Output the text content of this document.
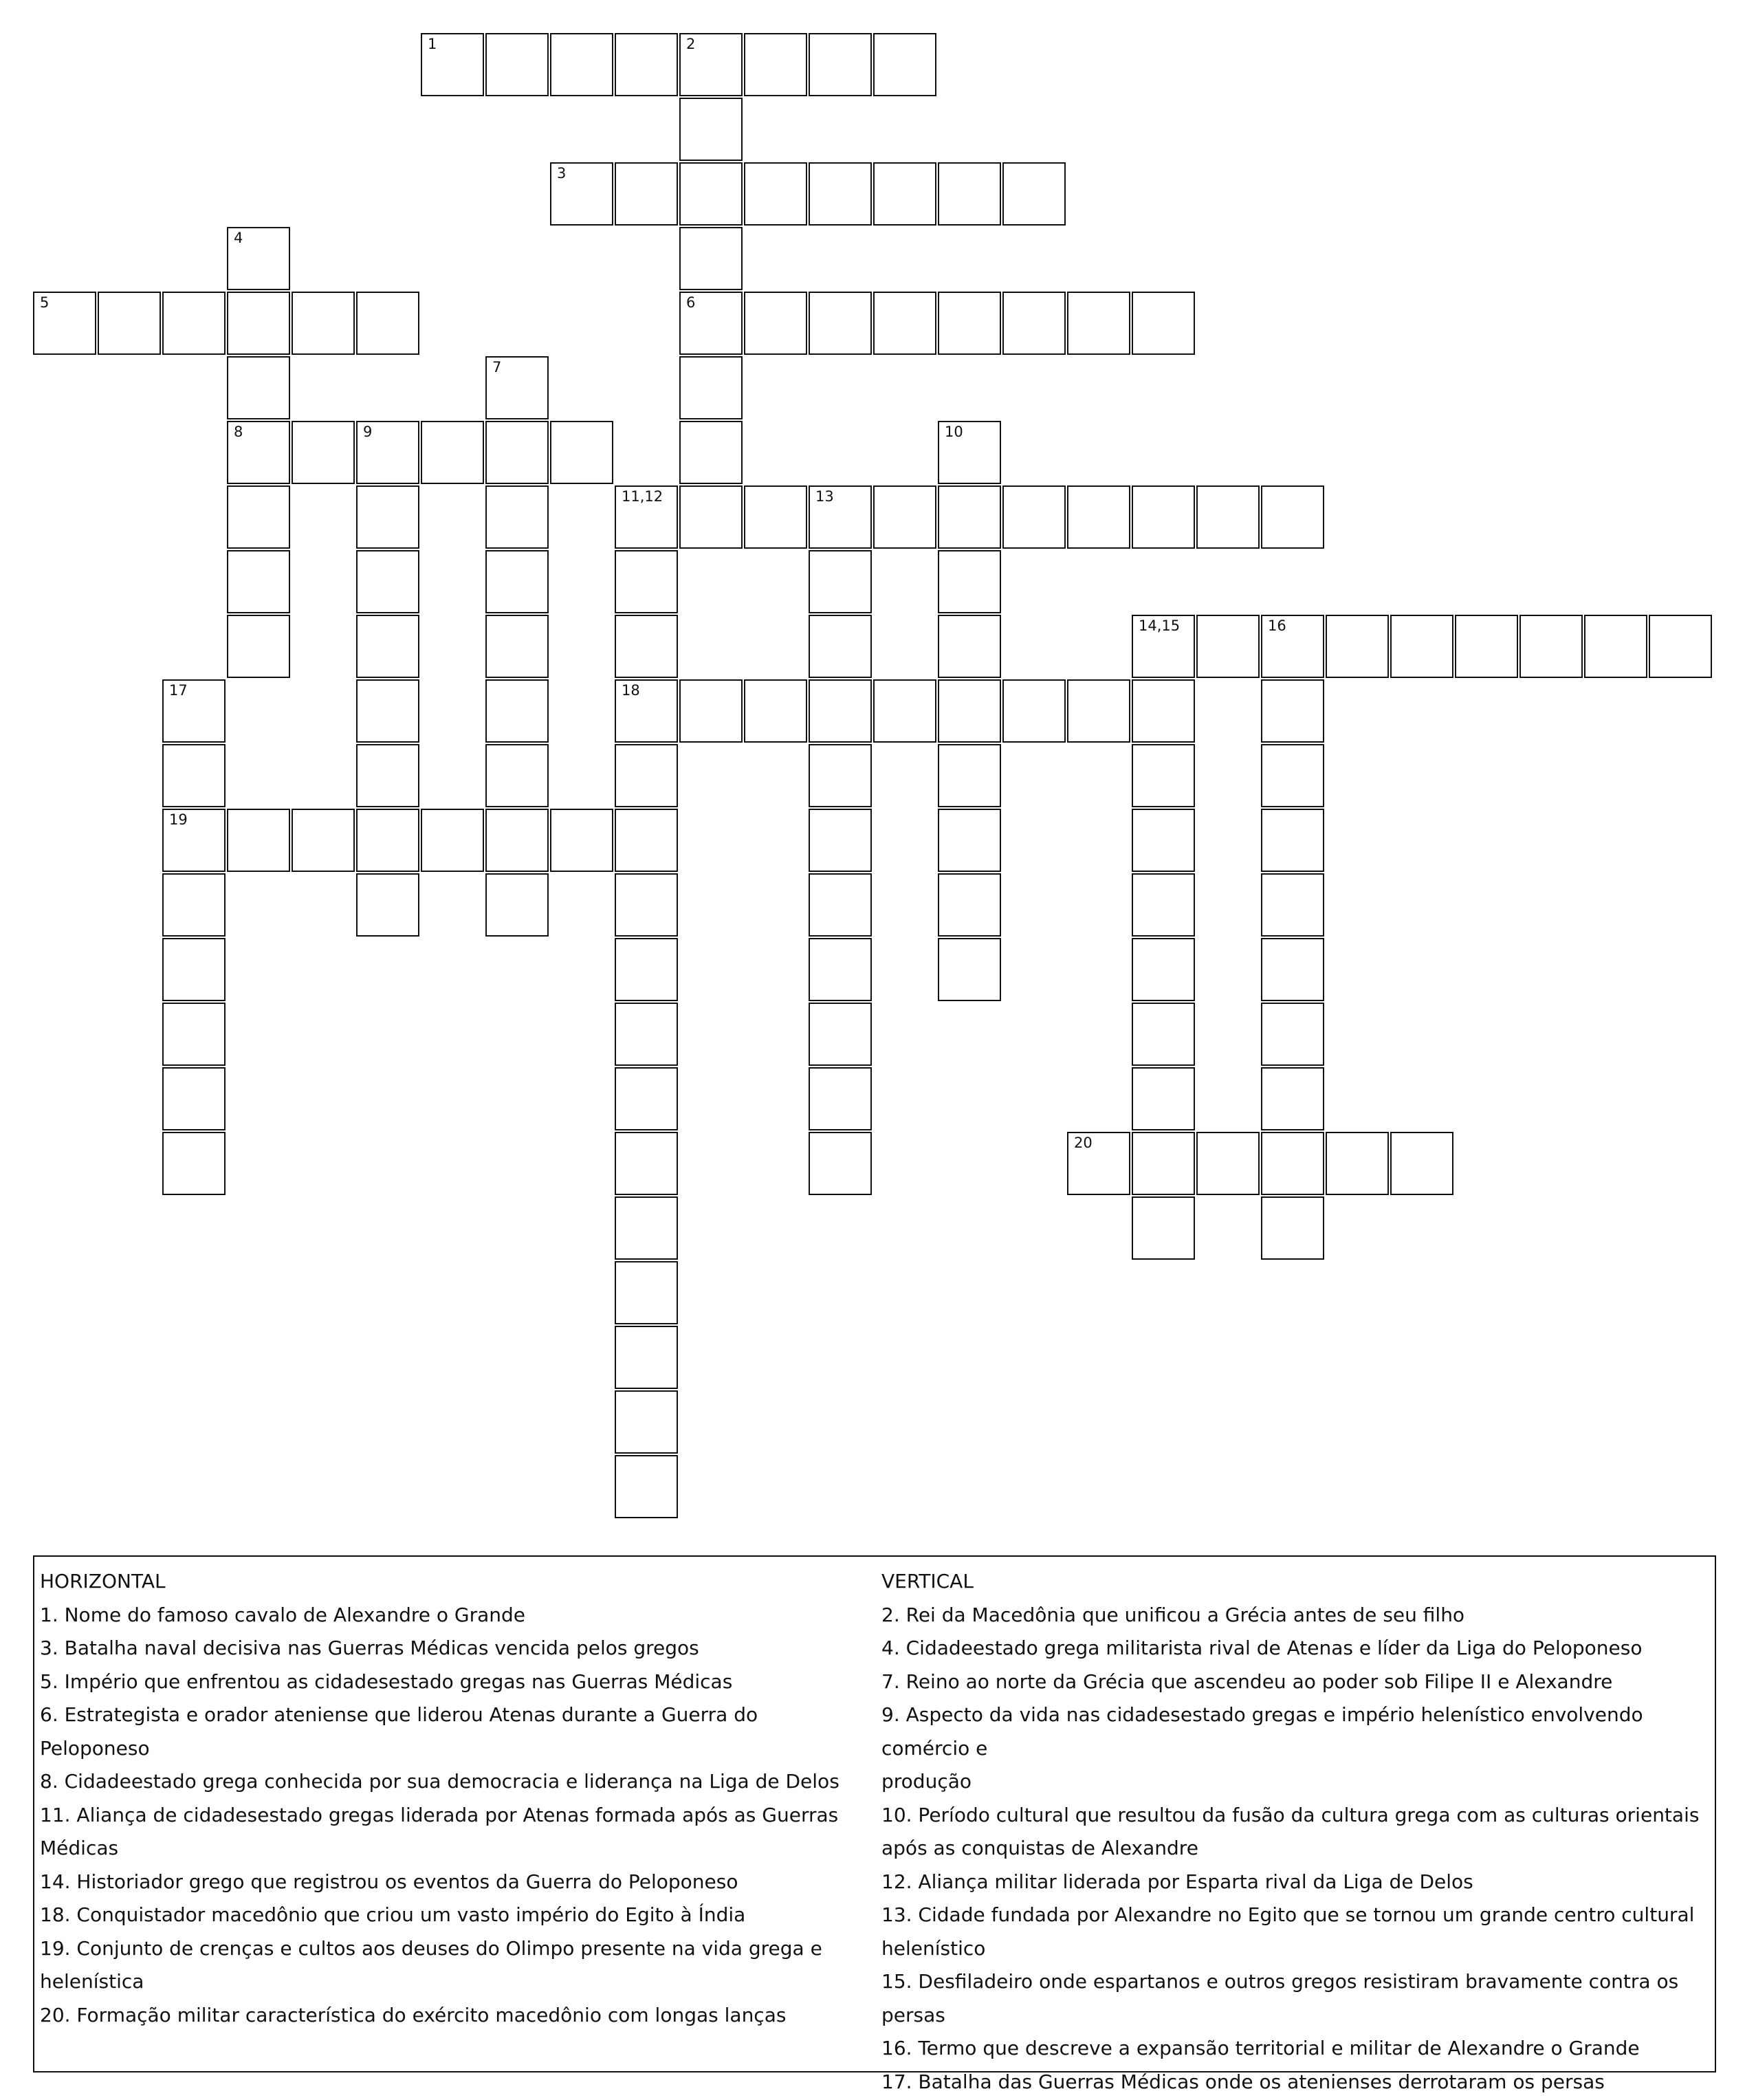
1	2
6
3
4
8
5
7
9	10
11,12	13
18
14,15	16
17
19
20
HORIZONTAL
1. Nome do famoso cavalo de Alexandre o Grande
3. Batalha naval decisiva nas Guerras Médicas vencida pelos gregos
5. Império que enfrentou as cidadesestado gregas nas Guerras Médicas
6. Estrategista e orador ateniense que liderou Atenas durante a Guerra do Peloponeso
8. Cidadeestado grega conhecida por sua democracia e liderança na Liga de Delos
11. Aliança de cidadesestado gregas liderada por Atenas formada após as Guerras
Médicas
14. Historiador grego que registrou os eventos da Guerra do Peloponeso
18. Conquistador macedônio que criou um vasto império do Egito à Índia
19. Conjunto de crenças e cultos aos deuses do Olimpo presente na vida grega e
helenística
20. Formação militar característica do exército macedônio com longas lanças
VERTICAL
2. Rei da Macedônia que unificou a Grécia antes de seu filho
4. Cidadeestado grega militarista rival de Atenas e líder da Liga do Peloponeso
7. Reino ao norte da Grécia que ascendeu ao poder sob Filipe II e Alexandre
9. Aspecto da vida nas cidadesestado gregas e império helenístico envolvendo comércio e
produção
10. Período cultural que resultou da fusão da cultura grega com as culturas orientais
após as conquistas de Alexandre
12. Aliança militar liderada por Esparta rival da Liga de Delos
13. Cidade fundada por Alexandre no Egito que se tornou um grande centro cultural
helenístico
15. Desfiladeiro onde espartanos e outros gregos resistiram bravamente contra os persas
16. Termo que descreve a expansão territorial e militar de Alexandre o Grande
17. Batalha das Guerras Médicas onde os atenienses derrotaram os persas
